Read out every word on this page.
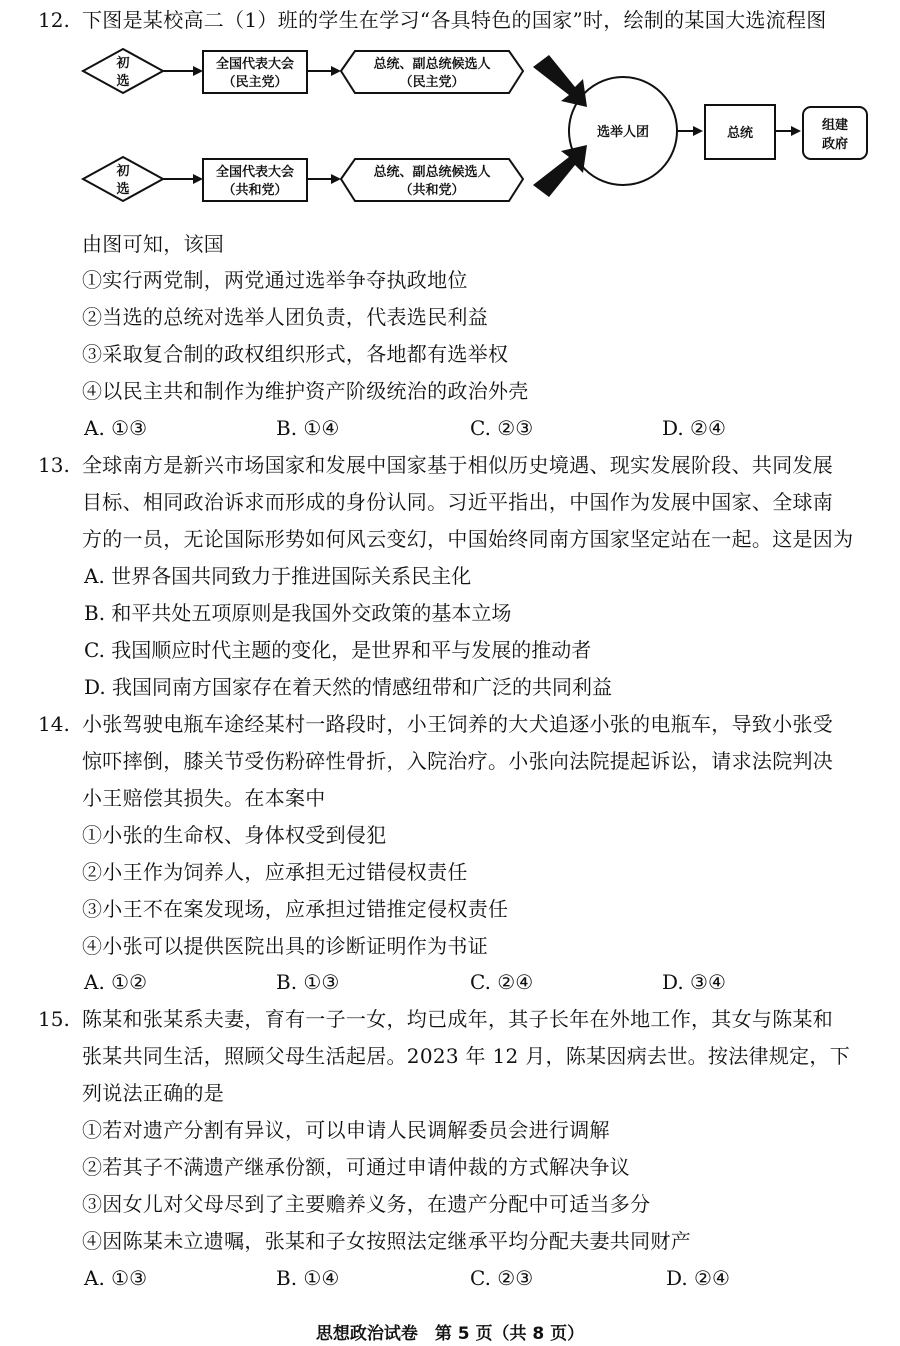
12. 下图是某校高二（1）班的学生在学习“各具特色的国家”时，绘制的某国大选流程图
初
选
全国代表大会
（民主党）
总统、副总统候选人
（民主党）
初
选
全国代表大会
（共和党）
总统、副总统候选人
（共和党）
选举人团	总统
组建
政府
由图可知，该国
①实行两党制，两党通过选举争夺执政地位
②当选的总统对选举人团负责，代表选民利益
③采取复合制的政权组织形式，各地都有选举权
④以民主共和制作为维护资产阶级统治的政治外壳
A. ①③	B. ①④	C. ②③	D. ②④
13. 全球南方是新兴市场国家和发展中国家基于相似历史境遇、现实发展阶段、共同发展
目标、相同政治诉求而形成的身份认同。习近平指出，中国作为发展中国家、全球南
方的一员，无论国际形势如何风云变幻，中国始终同南方国家坚定站在一起。这是因为
A. 世界各国共同致力于推进国际关系民主化
B. 和平共处五项原则是我国外交政策的基本立场
C. 我国顺应时代主题的变化，是世界和平与发展的推动者
D. 我国同南方国家存在着天然的情感纽带和广泛的共同利益
14. 小张驾驶电瓶车途经某村一路段时，小王饲养的大犬追逐小张的电瓶车，导致小张受
惊吓摔倒，膝关节受伤粉碎性骨折，入院治疗。小张向法院提起诉讼，请求法院判决
小王赔偿其损失。在本案中
①小张的生命权、身体权受到侵犯
②小王作为饲养人，应承担无过错侵权责任
③小王不在案发现场，应承担过错推定侵权责任
④小张可以提供医院出具的诊断证明作为书证
A. ①②	B. ①③	C. ②④	D. ③④
15. 陈某和张某系夫妻，育有一子一女，均已成年，其子长年在外地工作，其女与陈某和
张某共同生活，照顾父母生活起居。2023 年 12 月，陈某因病去世。按法律规定，下
列说法正确的是
①若对遗产分割有异议，可以申请人民调解委员会进行调解
②若其子不满遗产继承份额，可通过申请仲裁的方式解决争议
③因女儿对父母尽到了主要赡养义务，在遗产分配中可适当多分
④因陈某未立遗嘱，张某和子女按照法定继承平均分配夫妻共同财产
A. ①③	B. ①④	C. ②③	D. ②④
思想政治试卷　第 5 页（共 8 页）
